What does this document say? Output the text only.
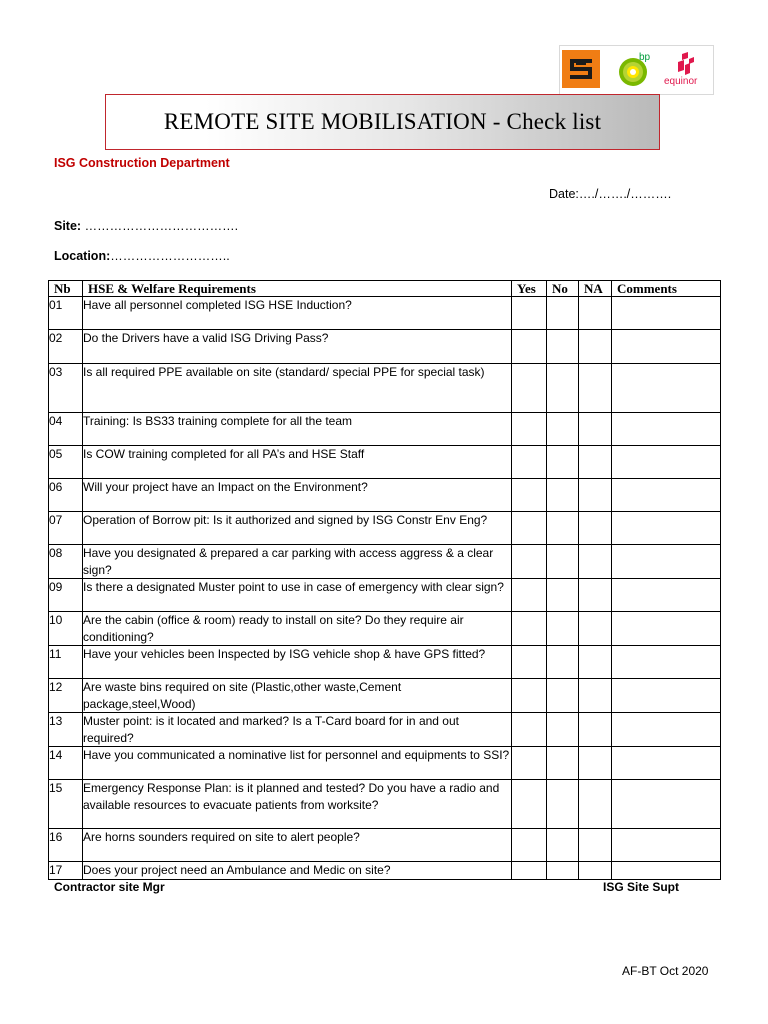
bp
equinor
REMOTE SITE MOBILISATION - Check list
ISG Construction Department
Date:…./……./……….
Site: ……………………………….
Location:………………………..
Nb	HSE & Welfare Requirements	Yes	No	NA	Comments
01	Have all personnel completed ISG HSE Induction?				
02	Do the Drivers have a valid ISG Driving Pass?				
03	Is all required PPE available on site (standard/ special PPE for special task)				
04	Training: Is BS33 training complete for all the team				
05	Is COW training completed for all PA’s and HSE Staff				
06	Will your project have an Impact on the Environment?				
07	Operation of Borrow pit: Is it authorized and signed by ISG Constr Env Eng?				
08	Have you designated & prepared a car parking with access aggress & a clear sign?				
09	Is there a designated Muster point to use in case of emergency with clear sign?				
10	Are the cabin (office & room) ready to install on site? Do they require air conditioning?				
11	Have your vehicles been Inspected by ISG vehicle shop & have GPS fitted?				
12	Are waste bins required on site (Plastic,other waste,Cement package,steel,Wood)				
13	Muster point: is it located and marked? Is a T-Card board for in and out required?				
14	Have you communicated a nominative list for personnel and equipments to SSI?				
15	Emergency Response Plan: is it planned and tested? Do you have a radio and available resources to evacuate patients from worksite?				
16	Are horns sounders required on site to alert people?				
17	Does your project need an Ambulance and Medic on site?				
Contractor site Mgr	ISG Site Supt
AF-BT Oct 2020
